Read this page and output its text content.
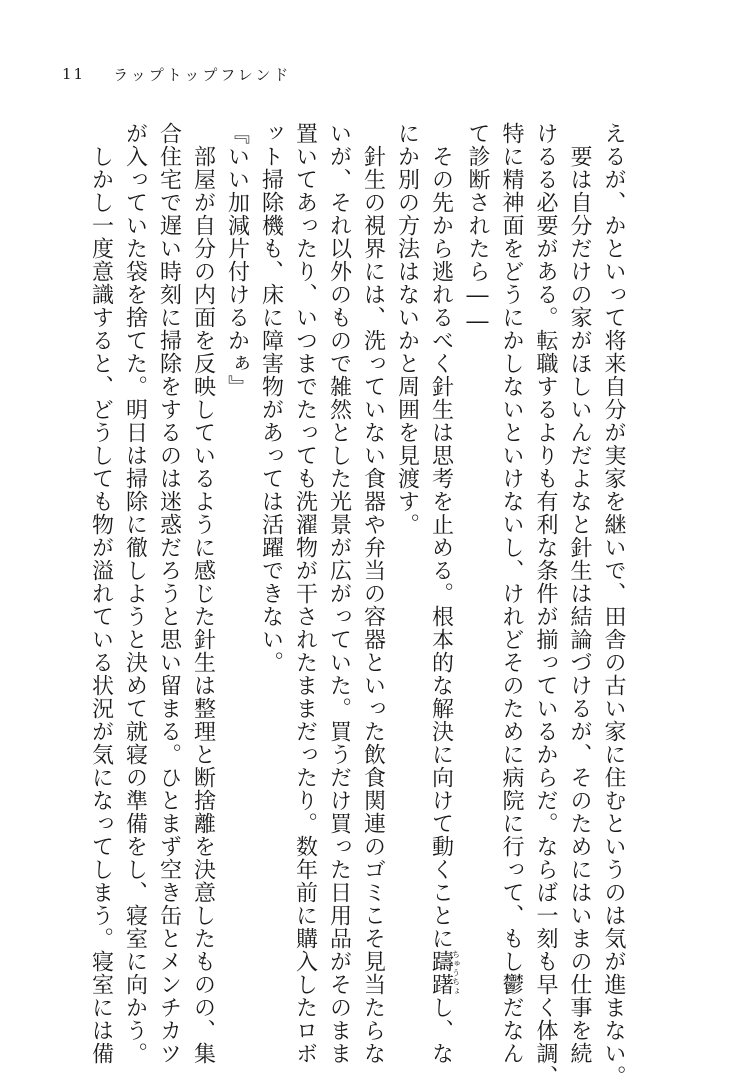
11 ラップトップフレンド
えるが、かといって将来自分が実家を継いで、田舎の古い家に住むというのは気が進まない。
　要は自分だけの家がほしいんだよなと針生は結論づけるが、そのためにはいまの仕事を続
けるる必要がある。転職するよりも有利な条件が揃っているからだ。ならば一刻も早く体調、
特に精神面をどうにかしないといけないし、けれどそのために病院に行って、もし鬱だなん
て診断されたら――
　その先から逃れるべく針生は思考を止める。根本的な解決に向けて動くことに躊躇ちゅうちょし、な
にか別の方法はないかと周囲を見渡す。
　針生の視界には、洗っていない食器や弁当の容器といった飲食関連のゴミこそ見当たらな
いが、それ以外のもので雑然とした光景が広がっていた。買うだけ買った日用品がそのまま
置いてあったり、いつまでたっても洗濯物が干されたままだったり。数年前に購入したロボ
ット掃除機も、床に障害物があっては活躍できない。
『いい加減片付けるかぁ』
　部屋が自分の内面を反映しているように感じた針生は整理と断捨離を決意したものの、集
合住宅で遅い時刻に掃除をするのは迷惑だろうと思い留まる。ひとまず空き缶とメンチカツ
が入っていた袋を捨てた。明日は掃除に徹しようと決めて就寝の準備をし、寝室に向かう。
　しかし一度意識すると、どうしても物が溢れている状況が気になってしまう。寝室には備
